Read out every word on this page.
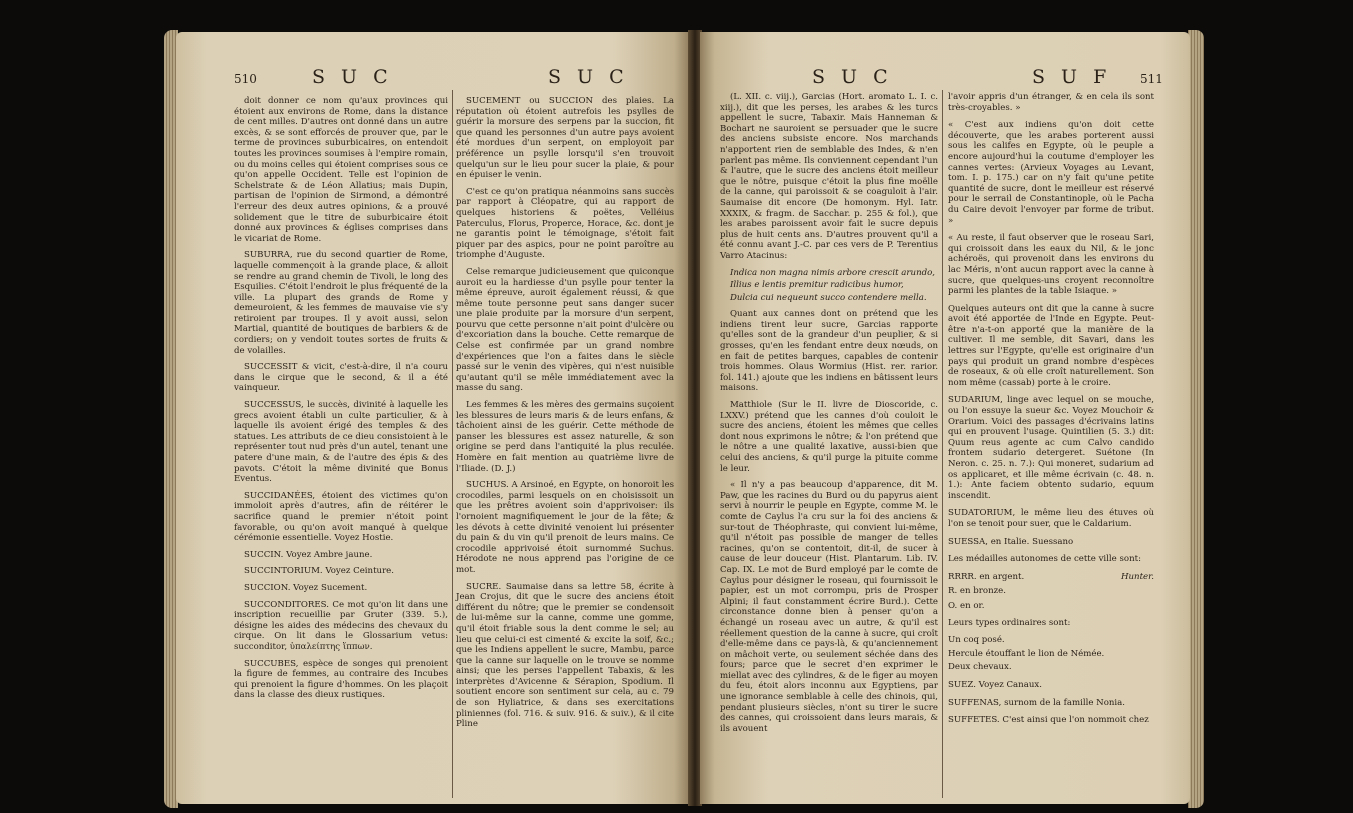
510	S U C	S U C

doit donner ce nom qu'aux provinces qui étoient aux environs de Rome, dans la distance de cent milles. D'autres ont donné dans un autre excès, & se sont efforcés de prouver que, par le terme de provinces suburbicaires, on entendoit toutes les provinces soumises à l'empire romain, ou du moins celles qui étoient comprises sous ce qu'on appelle Occident. Telle est l'opinion de Schelstrate & de Léon Allatius; mais Dupin, partisan de l'opinion de Sirmond, a démontré l'erreur des deux autres opinions, & a prouvé solidement que le titre de suburbicaire étoit donné aux provinces & églises comprises dans le vicariat de Rome.

SUBURRA, rue du second quartier de Rome, laquelle commençoit à la grande place, & alloit se rendre au grand chemin de Tivoli, le long des Esquilies. C'étoit l'endroit le plus fréquenté de la ville. La plupart des grands de Rome y demeuroient, & les femmes de mauvaise vie s'y retiroient par troupes. Il y avoit aussi, selon Martial, quantité de boutiques de barbiers & de cordiers; on y vendoit toutes sortes de fruits & de volailles.

SUCCESSIT & vicit, c'est-à-dire, il n'a couru dans le cirque que le second, & il a été vainqueur.

SUCCESSUS, le succès, divinité à laquelle les grecs avoient établi un culte particulier, & à laquelle ils avoient érigé des temples & des statues. Les attributs de ce dieu consistoient à le représenter tout nud près d'un autel, tenant une patere d'une main, & de l'autre des épis & des pavots. C'étoit la même divinité que Bonus Eventus.

SUCCIDANÉES, étoient des victimes qu'on immoloit après d'autres, afin de réitérer le sacrifice quand le premier n'étoit point favorable, ou qu'on avoit manqué à quelque cérémonie essentielle. Voyez Hostie.

SUCCIN. Voyez Ambre jaune.

SUCCINTORIUM. Voyez Ceinture.

SUCCION. Voyez Sucement.

SUCCONDITORES. Ce mot qu'on lit dans une inscription recueillie par Gruter (339. 5.), désigne les aides des médecins des chevaux du cirque. On lit dans le Glossarium vetus: succonditor, ὑπαλείπτης ἵππων.

SUCCUBES, espèce de songes qui prenoient la figure de femmes, au contraire des Incubes qui prenoient la figure d'hommes. On les plaçoit dans la classe des dieux rustiques.

SUCEMENT ou SUCCION des plaies. La réputation où étoient autrefois les psylles de guérir la morsure des serpens par la succion, fit que quand les personnes d'un autre pays avoient été mordues d'un serpent, on employoit par préférence un psylle lorsqu'il s'en trouvoit quelqu'un sur le lieu pour sucer la plaie, & pour en épuiser le venin.

C'est ce qu'on pratiqua néanmoins sans succès par rapport à Cléopatre, qui au rapport de quelques historiens & poëtes, Velléius Paterculus, Florus, Properce, Horace, &c. dont je ne garantis point le témoignage, s'étoit fait piquer par des aspics, pour ne point paroître au triomphe d'Auguste.

Celse remarque judicieusement que quiconque auroit eu la hardiesse d'un psylle pour tenter la même épreuve, auroit également réussi, & que même toute personne peut sans danger sucer une plaie produite par la morsure d'un serpent, pourvu que cette personne n'ait point d'ulcère ou d'excoriation dans la bouche. Cette remarque de Celse est confirmée par un grand nombre d'expériences que l'on a faites dans le siècle passé sur le venin des vipères, qui n'est nuisible qu'autant qu'il se mêle immédiatement avec la masse du sang.

Les femmes & les mères des germains suçoient les blessures de leurs maris & de leurs enfans, & tâchoient ainsi de les guérir. Cette méthode de panser les blessures est assez naturelle, & son origine se perd dans l'antiquité la plus reculée. Homère en fait mention au quatrième livre de l'Iliade. (D. J.)

SUCHUS. A Arsinoé, en Egypte, on honoroit les crocodiles, parmi lesquels on en choisissoit un que les prêtres avoient soin d'apprivoiser: ils l'ornoient magnifiquement le jour de la fête; & les dévots à cette divinité venoient lui présenter du pain & du vin qu'il prenoit de leurs mains. Ce crocodile apprivoisé étoit surnommé Suchus. Hérodote ne nous apprend pas l'origine de ce mot.

SUCRE. Saumaise dans sa lettre 58, écrite à Jean Crojus, dit que le sucre des anciens étoit différent du nôtre; que le premier se condensoit de lui-même sur la canne, comme une gomme, qu'il étoit friable sous la dent comme le sel; au lieu que celui-ci est cimenté & excite la soif, &c.; que les Indiens appellent le sucre, Mambu, parce que la canne sur laquelle on le trouve se nomme ainsi; que les perses l'appellent Tabaxis, & les interprètes d'Avicenne & Sérapion, Spodium. Il soutient encore son sentiment sur cela, au c. 79 de son Hyliatrice, & dans ses exercitations pliniennes (fol. 716. & suiv. 916. & suiv.), & il cite Pline

S U C	S U F 511

(L. XII. c. viij.), Garcias (Hort. aromato L. I. c. xiij.), dit que les perses, les arabes & les turcs appellent le sucre, Tabaxir. Mais Hanneman & Bochart ne sauroient se persuader que le sucre des anciens subsiste encore. Nos marchands n'apportent rien de semblable des Indes, & n'en parlent pas même. Ils conviennent cependant l'un & l'autre, que le sucre des anciens étoit meilleur que le nôtre, puisque c'étoit la plus fine moëlle de la canne, qui paroissoit & se coaguloit à l'air. Saumaise dit encore (De homonym. Hyl. Iatr. XXXIX, & fragm. de Sacchar. p. 255 & fol.), que les arabes paroissent avoir fait le sucre depuis plus de huit cents ans. D'autres prouvent qu'il a été connu avant J.-C. par ces vers de P. Terentius Varro Atacinus:

Indica non magna nimis arbore crescit arundo,

Illius e lentis premitur radicibus humor,

Dulcia cui nequeunt succo contendere mella.

Quant aux cannes dont on prétend que les indiens tirent leur sucre, Garcias rapporte qu'elles sont de la grandeur d'un peuplier, & si grosses, qu'en les fendant entre deux nœuds, on en fait de petites barques, capables de contenir trois hommes. Olaus Wormius (Hist. rer. rarior. fol. 141.) ajoute que les indiens en bâtissent leurs maisons.

Matthiole (Sur le II. livre de Dioscoride, c. LXXV.) prétend que les cannes d'où couloit le sucre des anciens, étoient les mêmes que celles dont nous exprimons le nôtre; & l'on prétend que le nôtre a une qualité laxative, aussi-bien que celui des anciens, & qu'il purge la pituite comme le leur.

« Il n'y a pas beaucoup d'apparence, dit M. Paw, que les racines du Burd ou du papyrus aient servi à nourrir le peuple en Egypte, comme M. le comte de Caylus l'a cru sur la foi des anciens & sur-tout de Théophraste, qui convient lui-même, qu'il n'étoit pas possible de manger de telles racines, qu'on se contentoit, dit-il, de sucer à cause de leur douceur (Hist. Plantarum. Lib. IV. Cap. IX. Le mot de Burd employé par le comte de Caylus pour désigner le roseau, qui fournissoit le papier, est un mot corrompu, pris de Prosper Alpini; il faut constamment écrire Burd.). Cette circonstance donne bien à penser qu'on a échangé un roseau avec un autre, & qu'il est réellement question de la canne à sucre, qui croît d'elle-même dans ce pays-là, & qu'anciennement on mâchoit verte, ou seulement séchée dans des fours; parce que le secret d'en exprimer le miellat avec des cylindres, & de le figer au moyen du feu, étoit alors inconnu aux Egyptiens, par une ignorance semblable à celle des chinois, qui, pendant plusieurs siècles, n'ont su tirer le sucre des cannes, qui croissoient dans leurs marais, & ils avouent

l'avoir appris d'un étranger, & en cela ils sont très-croyables. »

« C'est aux indiens qu'on doit cette découverte, que les arabes porterent aussi sous les califes en Egypte, où le peuple a encore aujourd'hui la coutume d'employer les cannes vertes: (Arvieux Voyages au Levant, tom. I. p. 175.) car on n'y fait qu'une petite quantité de sucre, dont le meilleur est réservé pour le serrail de Constantinople, où le Pacha du Caire devoit l'envoyer par forme de tribut. »

« Au reste, il faut observer que le roseau Sari, qui croissoit dans les eaux du Nil, & le jonc achéroës, qui provenoit dans les environs du lac Méris, n'ont aucun rapport avec la canne à sucre, que quelques-uns croyent reconnoître parmi les plantes de la table Isiaque. »

Quelques auteurs ont dit que la canne à sucre avoit été apportée de l'Inde en Egypte. Peut-être n'a-t-on apporté que la manière de la cultiver. Il me semble, dit Savari, dans les lettres sur l'Egypte, qu'elle est originaire d'un pays qui produit un grand nombre d'espèces de roseaux, & où elle croît naturellement. Son nom même (cassab) porte à le croire.

SUDARIUM, linge avec lequel on se mouche, ou l'on essuye la sueur &c. Voyez Mouchoir & Orarium. Voici des passages d'écrivains latins qui en prouvent l'usage. Quintilien (5. 3.) dit: Quum reus agente ac cum Calvo candido frontem sudario detergeret. Suétone (In Neron. c. 25. n. 7.): Qui moneret, sudarium ad os applicaret, et ille même écrivain (c. 48. n. 1.): Ante faciem obtento sudario, equum inscendit.

SUDATORIUM, le même lieu des étuves où l'on se tenoit pour suer, que le Caldarium.

SUESSA, en Italie. Suessano

Les médailles autonomes de cette ville sont:

RRRR. en argent.	Hunter.
R. en bronze.
O. en or.

Leurs types ordinaires sont:

Un coq posé.

Hercule étouffant le lion de Némée.

Deux chevaux.

SUEZ. Voyez Canaux.

SUFFENAS, surnom de la famille Nonia.

SUFFETES. C'est ainsi que l'on nommoit chez
